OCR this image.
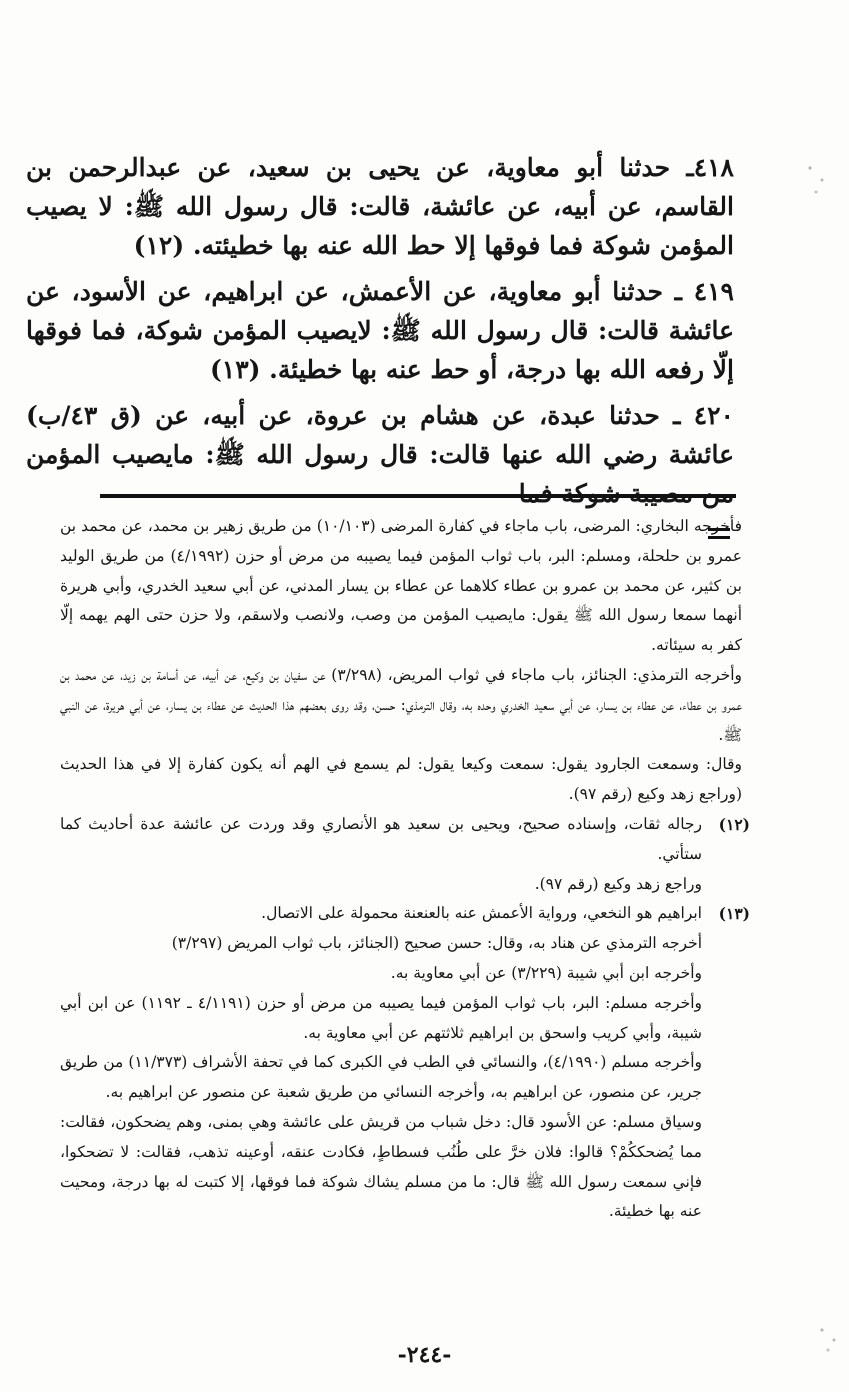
٤١٨ـ حدثنا أبو معاوية، عن يحيى بن سعيد، عن عبدالرحمن بن القاسم، عن أبيه، عن عائشة، قالت: قال رسول الله ﷺ: لا يصيب المؤمن شوكة فما فوقها إلا حط الله عنه بها خطيئته. (١٢)

٤١٩ ـ حدثنا أبو معاوية، عن الأعمش، عن ابراهيم، عن الأسود، عن عائشة قالت: قال رسول الله ﷺ: لايصيب المؤمن شوكة، فما فوقها إلّا رفعه الله بها درجة، أو حط عنه بها خطيئة. (١٣)

٤٢٠ ـ حدثنا عبدة، عن هشام بن عروة، عن أبيه، عن (ق ٤٣/ب) عائشة رضي الله عنها قالت: قال رسول الله ﷺ: مايصيب المؤمن

فأخرجه البخاري: المرضى، باب ماجاء في كفارة المرضى (١٠/١٠٣) من طريق زهير بن محمد، عن محمد بن عمرو بن حلحلة، ومسلم: البر، باب ثواب المؤمن فيما يصيبه من مرض أو حزن (٤/١٩٩٢) من طريق الوليد بن كثير، عن محمد بن عمرو بن عطاء كلاهما عن عطاء بن يسار المدني، عن أبي سعيد الخدري، وأبي هريرة أنهما سمعا رسول الله ﷺ يقول: مايصيب المؤمن من وصب، ولانصب ولاسقم، ولا حزن حتى الهم يهمه إلّا كفر به سيئاته.

وأخرجه الترمذي: الجنائز، باب ماجاء في ثواب المريض، (٣/٢٩٨) عن سفيان بن وكيع، عن أبيه، عن أسامة بن زيد، عن محمد بن عمرو بن عطاء، عن عطاء بن يسار، عن أبي سعيد الخدري وحده به، وقال الترمذي: حسن، وقد روى بعضهم هذا الحديث عن عطاء بن يسار، عن أبي هريرة، عن النبي ﷺ.

وقال: وسمعت الجارود يقول: سمعت وكيعا يقول: لم يسمع في الهم أنه يكون كفارة إلا في هذا الحديث (وراجع زهد وكيع (رقم ٩٧).

(١٢)

رجاله ثقات، وإسناده صحيح، ويحيى بن سعيد هو الأنصاري وقد وردت عن عائشة عدة أحاديث كما ستأتي.

وراجع زهد وكيع (رقم ٩٧).

(١٣)

ابراهيم هو النخعي، ورواية الأعمش عنه بالعنعنة محمولة على الاتصال.

أخرجه الترمذي عن هناد به، وقال: حسن صحيح (الجنائز، باب ثواب المريض (٣/٢٩٧)

وأخرجه ابن أبي شيبة (٣/٢٢٩) عن أبي معاوية به.

وأخرجه مسلم: البر، باب ثواب المؤمن فيما يصيبه من مرض أو حزن (٤/١١٩١ ـ ١١٩٢) عن ابن أبي شيبة، وأبي كريب واسحق بن ابراهيم ثلاثتهم عن أبي معاوية به.

وأخرجه مسلم (٤/١٩٩٠)، والنسائي في الطب في الكبرى كما في تحفة الأشراف (١١/٣٧٣) من طريق جرير، عن منصور، عن ابراهيم به، وأخرجه النسائي من طريق شعبة عن منصور عن ابراهيم به.

وسياق مسلم: عن الأسود قال: دخل شباب من قريش على عائشة وهي بمنى، وهم يضحكون، فقالت: مما يُضحككُمْ؟ قالوا: فلان خرَّ على طُنُب فسطاطٍ، فكادت عنقه، أوعينه تذهب، فقالت: لا تضحكوا، فإني سمعت رسول الله ﷺ قال: ما من مسلم يشاك شوكة فما فوقها، إلا كتبت له بها درجة، ومحيت عنه بها خطيئة.

-٢٤٤-
